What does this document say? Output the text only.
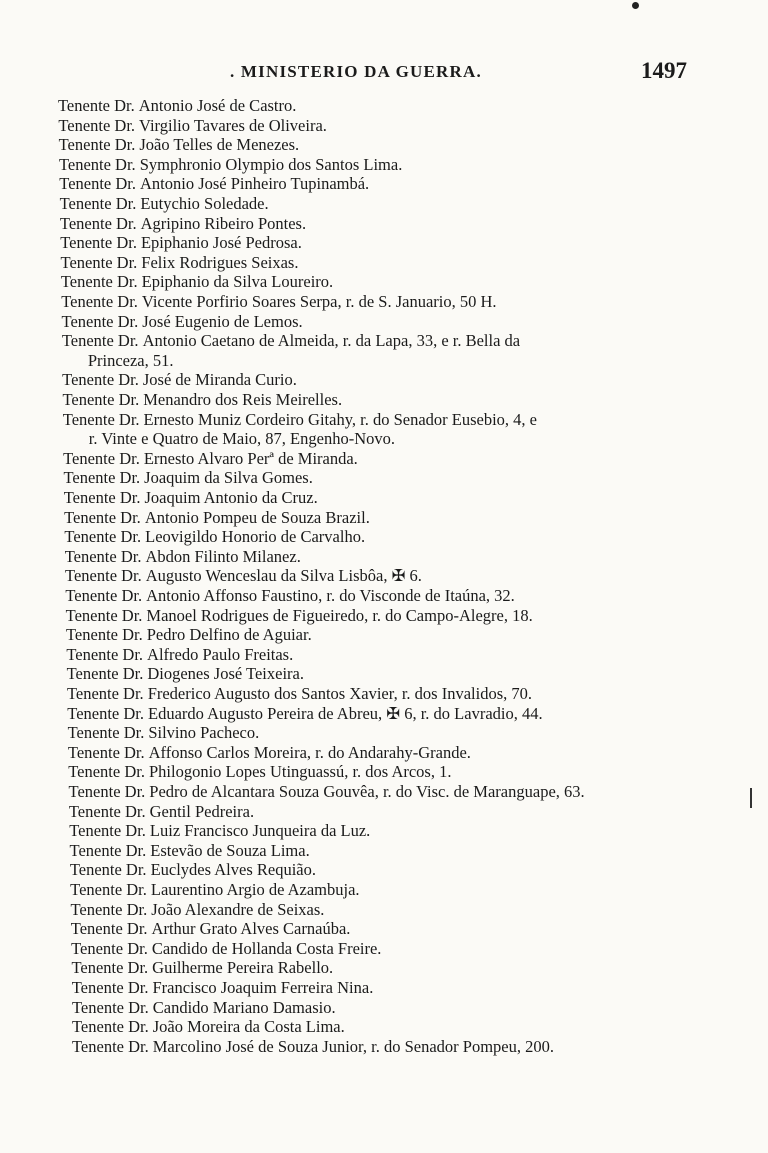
. MINISTERIO DA GUERRA.	1497
Tenente Dr. Antonio José de Castro.
Tenente Dr. Virgilio Tavares de Oliveira.
Tenente Dr. João Telles de Menezes.
Tenente Dr. Symphronio Olympio dos Santos Lima.
Tenente Dr. Antonio José Pinheiro Tupinambá.
Tenente Dr. Eutychio Soledade.
Tenente Dr. Agripino Ribeiro Pontes.
Tenente Dr. Epiphanio José Pedrosa.
Tenente Dr. Felix Rodrigues Seixas.
Tenente Dr. Epiphanio da Silva Loureiro.
Tenente Dr. Vicente Porfirio Soares Serpa, r. de S. Januario, 50 H.
Tenente Dr. José Eugenio de Lemos.
Tenente Dr. Antonio Caetano de Almeida, r. da Lapa, 33, e r. Bella da
Princeza, 51.
Tenente Dr. José de Miranda Curio.
Tenente Dr. Menandro dos Reis Meirelles.
Tenente Dr. Ernesto Muniz Cordeiro Gitahy, r. do Senador Eusebio, 4, e
r. Vinte e Quatro de Maio, 87, Engenho-Novo.
Tenente Dr. Ernesto Alvaro Perª de Miranda.
Tenente Dr. Joaquim da Silva Gomes.
Tenente Dr. Joaquim Antonio da Cruz.
Tenente Dr. Antonio Pompeu de Souza Brazil.
Tenente Dr. Leovigildo Honorio de Carvalho.
Tenente Dr. Abdon Filinto Milanez.
Tenente Dr. Augusto Wenceslau da Silva Lisbôa, ✠ 6.
Tenente Dr. Antonio Affonso Faustino, r. do Visconde de Itaúna, 32.
Tenente Dr. Manoel Rodrigues de Figueiredo, r. do Campo-Alegre, 18.
Tenente Dr. Pedro Delfino de Aguiar.
Tenente Dr. Alfredo Paulo Freitas.
Tenente Dr. Diogenes José Teixeira.
Tenente Dr. Frederico Augusto dos Santos Xavier, r. dos Invalidos, 70.
Tenente Dr. Eduardo Augusto Pereira de Abreu, ✠ 6, r. do Lavradio, 44.
Tenente Dr. Silvino Pacheco.
Tenente Dr. Affonso Carlos Moreira, r. do Andarahy-Grande.
Tenente Dr. Philogonio Lopes Utinguassú, r. dos Arcos, 1.
Tenente Dr. Pedro de Alcantara Souza Gouvêa, r. do Visc. de Maranguape, 63.
Tenente Dr. Gentil Pedreira.
Tenente Dr. Luiz Francisco Junqueira da Luz.
Tenente Dr. Estevão de Souza Lima.
Tenente Dr. Euclydes Alves Requião.
Tenente Dr. Laurentino Argio de Azambuja.
Tenente Dr. João Alexandre de Seixas.
Tenente Dr. Arthur Grato Alves Carnaúba.
Tenente Dr. Candido de Hollanda Costa Freire.
Tenente Dr. Guilherme Pereira Rabello.
Tenente Dr. Francisco Joaquim Ferreira Nina.
Tenente Dr. Candido Mariano Damasio.
Tenente Dr. João Moreira da Costa Lima.
Tenente Dr. Marcolino José de Souza Junior, r. do Senador Pompeu, 200.
